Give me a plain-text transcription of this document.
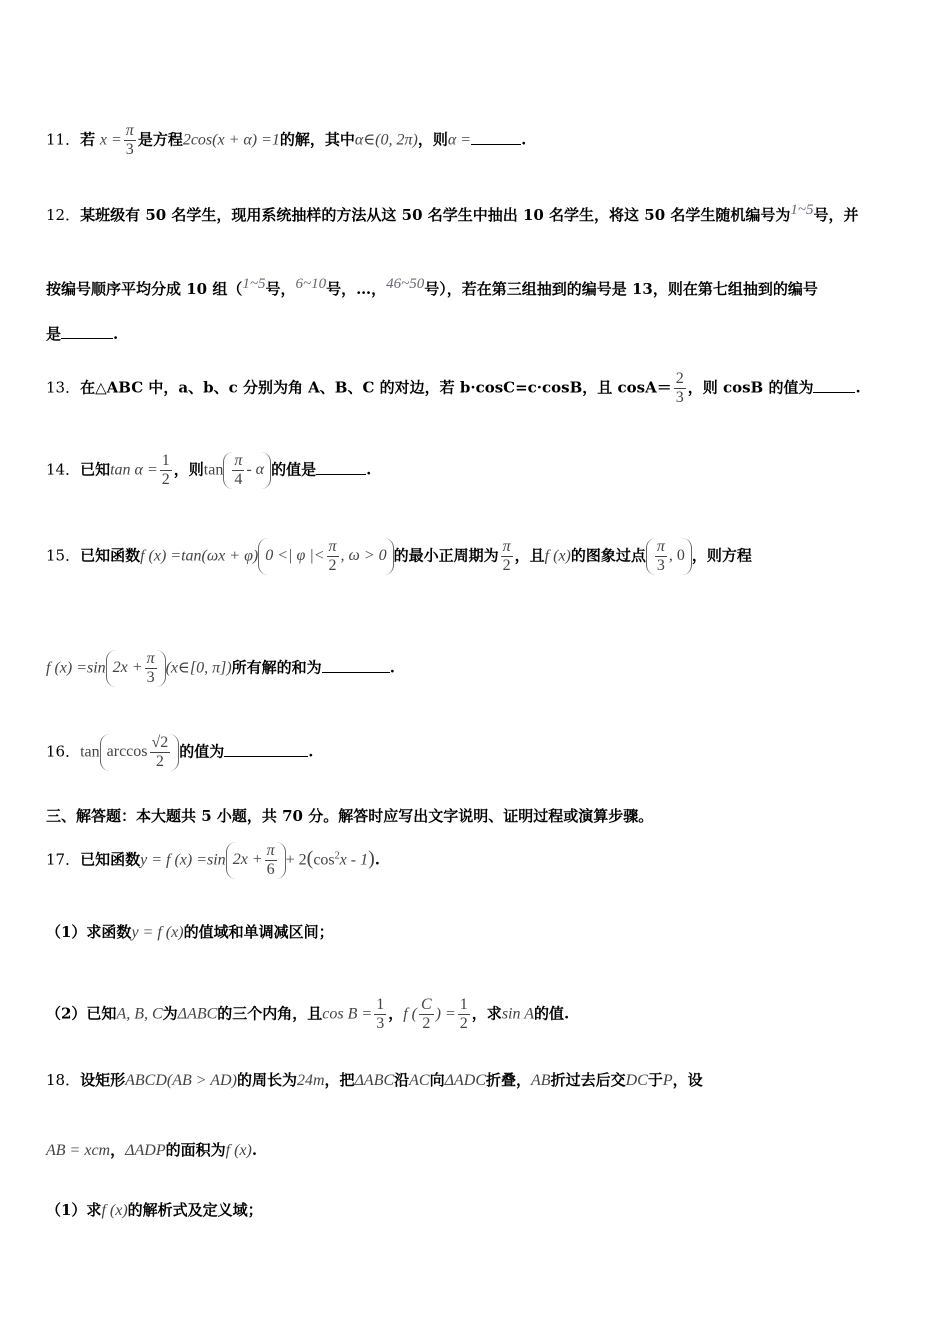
11．若 $x = \frac{\pi}{3}$ 是方程2cos(x + α) =1的解，其中α∈(0, 2π)，则α =	.
12．某班级有 50 名学生，现用系统抽样的方法从这 50 名学生中抽出 10 名学生，将这 50 名学生随机编号为1~5号，并
按编号顺序平均分成 10 组（1~5号，6~10号，…，46~50号），若在第三组抽到的编号是 13，则在第七组抽到的编号
是	.
13．在△ABC 中，a、b、c 分别为角 A、B、C 的对边，若 b·cosC=c·cosB，且 $\cos A= \frac{2}{3}$ ，则 cosB 的值为	.
14．已知$\tan \alpha = \frac{1}{2}$ ，则$\tan \frac{\pi}{4}$ - α 的值是	.
15．已知函数f (x) =tan(ωx + φ) 0 <| φ |< $\frac{\pi}{2}$ , ω > 0 的最小正周期为 $\frac{\pi}{2}$ ，且f (x)的图象过点 $\frac{\pi}{3}$ , 0 ，则方程
f (x) =sin $2x + \frac{\pi}{3}$ (x∈[0, π])所有解的和为	.
16．$\tan \arccos \frac{√2}{2}$ 的值为	.
三、解答题：本大题共 5 小题，共 70 分。解答时应写出文字说明、证明过程或演算步骤。
17．已知函数y = f (x) =sin $2x + \frac{\pi}{6} + 2(\cos^2x - 1)$.
（1）求函数y = f (x)的值域和单调减区间；
（2）已知A, B, C为ΔABC的三个内角，且$\cos B = \frac{1}{3}$ ，f ( $\frac{C}{2}$ ) = $\frac{1}{2}$ ，求sin A的值.
18．设矩形ABCD(AB > AD)的周长为24m，把ΔABC沿AC向ΔADC折叠，AB折过去后交DC于P，设
AB = xcm，ΔADP的面积为f (x).
（1）求f (x)的解析式及定义域；
